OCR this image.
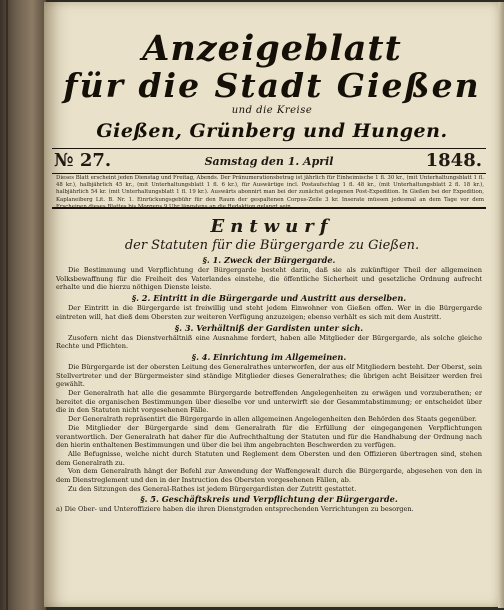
Anzeigeblatt
für die Stadt Gießen
und die Kreise
Gießen, Grünberg und Hungen.
№ 27.	Samstag den 1. April	1848.

Dieses Blatt erscheint jeden Dienstag und Freitag, Abends. Der Pränumerationsbetrag ist jährlich für Einheimische 1 fl. 30 kr., (mit Unterhaltungsblatt 1 fl. 48 kr.), halbjährlich 45 kr., (mit Unterhaltungsblatt 1 fl. 6 kr.), für Auswärtige incl. Postaufschlag 1 fl. 48 kr., (mit Unterhaltungsblatt 2 fl. 18 kr.), halbjährlich 54 kr. (mit Unterhaltungsblatt 1 fl. 19 kr.). Auswärts abonnirt man bei der zunächst gelegenen Post-Expedition. In Gießen bei der Expedition, Kaplaneiberg Lit. B. Nr. 1. Einrückungsgebühr für den Raum der gespaltenen Corpus-Zeile 3 kr. Inserate müssen jedesmal an dem Tage vor dem Erscheinen dieses Blattes bis Morgens 9 Uhr längstens an die Redaktion gelangt sein.

Entwurf
der Statuten für die Bürgergarde zu Gießen.
§. 1. Zweck der Bürgergarde.

Die Bestimmung und Verpflichtung der Bürgergarde besteht darin, daß sie als zukünftiger Theil der allgemeinen Volksbewaffnung für die Freiheit des Vaterlandes einstehe, die öffentliche Sicherheit und gesetzliche Ordnung aufrecht erhalte und die hierzu nöthigen Dienste leiste.

§. 2. Eintritt in die Bürgergarde und Austritt aus derselben.

Der Eintritt in die Bürgergarde ist freiwillig und steht jedem Einwohner von Gießen offen. Wer in die Bürgergarde eintreten will, hat dieß dem Obersten zur weiteren Verfügung anzuzeigen; ebenso verhält es sich mit dem Austritt.

§. 3. Verhältniß der Gardisten unter sich.

Zusofern nicht das Dienstverhältniß eine Ausnahme fordert, haben alle Mitglieder der Bürgergarde, als solche gleiche Rechte und Pflichten.

§. 4. Einrichtung im Allgemeinen.

Die Bürgergarde ist der obersten Leitung des Generalrathes unterworfen, der aus elf Mitgliedern besteht. Der Oberst, sein Stellvertreter und der Bürgermeister sind ständige Mitglieder dieses Generalrathes; die übrigen acht Beisitzer werden frei gewählt.

Der Generalrath hat alle die gesammte Bürgergarde betreffenden Angelegenheiten zu erwägen und vorzuberathen; er bereitet die organischen Bestimmungen über dieselbe vor und unterwirft sie der Gesammtabstimmung; er entscheidet über die in den Statuten nicht vorgesehenen Fälle.

Der Generalrath repräsentirt die Bürgergarde in allen allgemeinen Angelegenheiten den Behörden des Staats gegenüber.

Die Mitglieder der Bürgergarde sind dem Generalrath für die Erfüllung der eingegangenen Verpflichtungen verantwortlich. Der Generalrath hat daher für die Aufrechthaltung der Statuten und für die Handhabung der Ordnung nach den hierin enthaltenen Bestimmungen und über die bei ihm angebrachten Beschwerden zu verfügen.

Alle Befugnisse, welche nicht durch Statuten und Reglement dem Obersten und den Offizieren übertragen sind, stehen dem Generalrath zu.

Von dem Generalrath hängt der Befehl zur Anwendung der Waffengewalt durch die Bürgergarde, abgesehen von den in dem Dienstreglement und den in der Instruction des Obersten vorgesehenen Fällen, ab.

Zu den Sitzungen des General-Rathes ist jedem Bürgergardisten der Zutritt gestattet.

§. 5. Geschäftskreis und Verpflichtung der Bürgergarde.

a) Die Ober- und Unteroffiziere haben die ihren Dienstgraden entsprechenden Verrichtungen zu besorgen.
